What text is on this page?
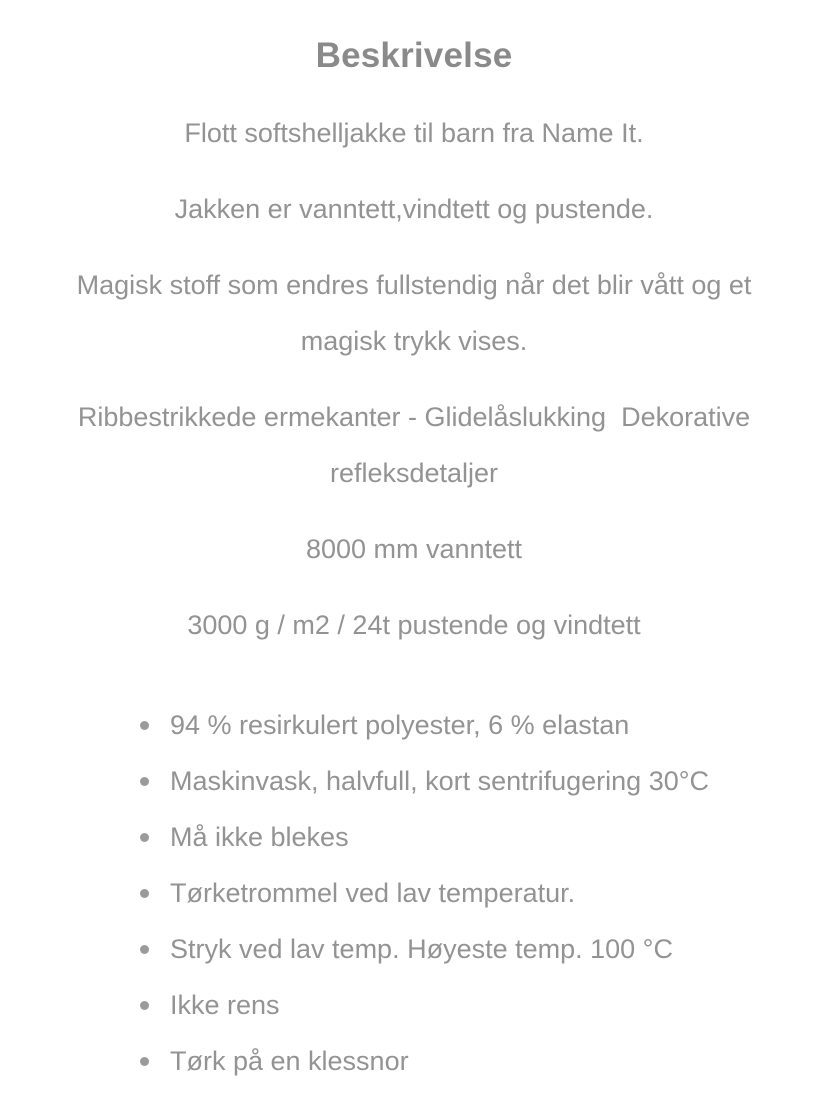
Beskrivelse

Flott softshelljakke til barn fra Name It.

Jakken er vanntett,vindtett og pustende.

Magisk stoff som endres fullstendig når det blir vått og et magisk trykk vises.

Ribbestrikkede ermekanter - Glidelåslukking  Dekorative refleksdetaljer

8000 mm vanntett

3000 g / m2 / 24t pustende og vindtett

94 % resirkulert polyester, 6 % elastan
Maskinvask, halvfull, kort sentrifugering 30°C
Må ikke blekes
Tørketrommel ved lav temperatur.
Stryk ved lav temp. Høyeste temp. 100 °C
Ikke rens
Tørk på en klessnor
